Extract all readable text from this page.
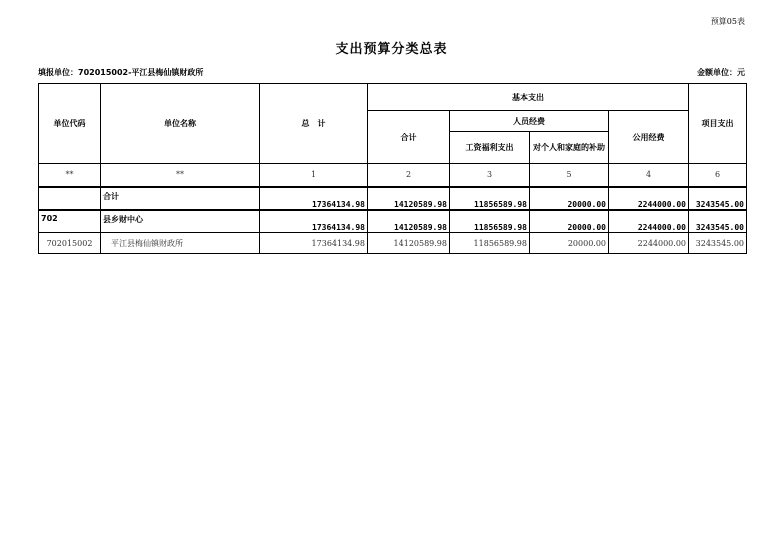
预算05表
支出预算分类总表
填报单位：702015002-平江县梅仙镇财政所	金额单位：元
单位代码	单位名称	总　计	基本支出				项目支出
			合计	人员经费		公用经费	
				工资福利支出	对个人和家庭的补助		
**	**	1	2	3	5	4	6
	合计	17364134.98	14120589.98	11856589.98	20000.00	2244000.00	3243545.00
702	县乡财中心	17364134.98	14120589.98	11856589.98	20000.00	2244000.00	3243545.00
702015002	平江县梅仙镇财政所	17364134.98	14120589.98	11856589.98	20000.00	2244000.00	3243545.00
